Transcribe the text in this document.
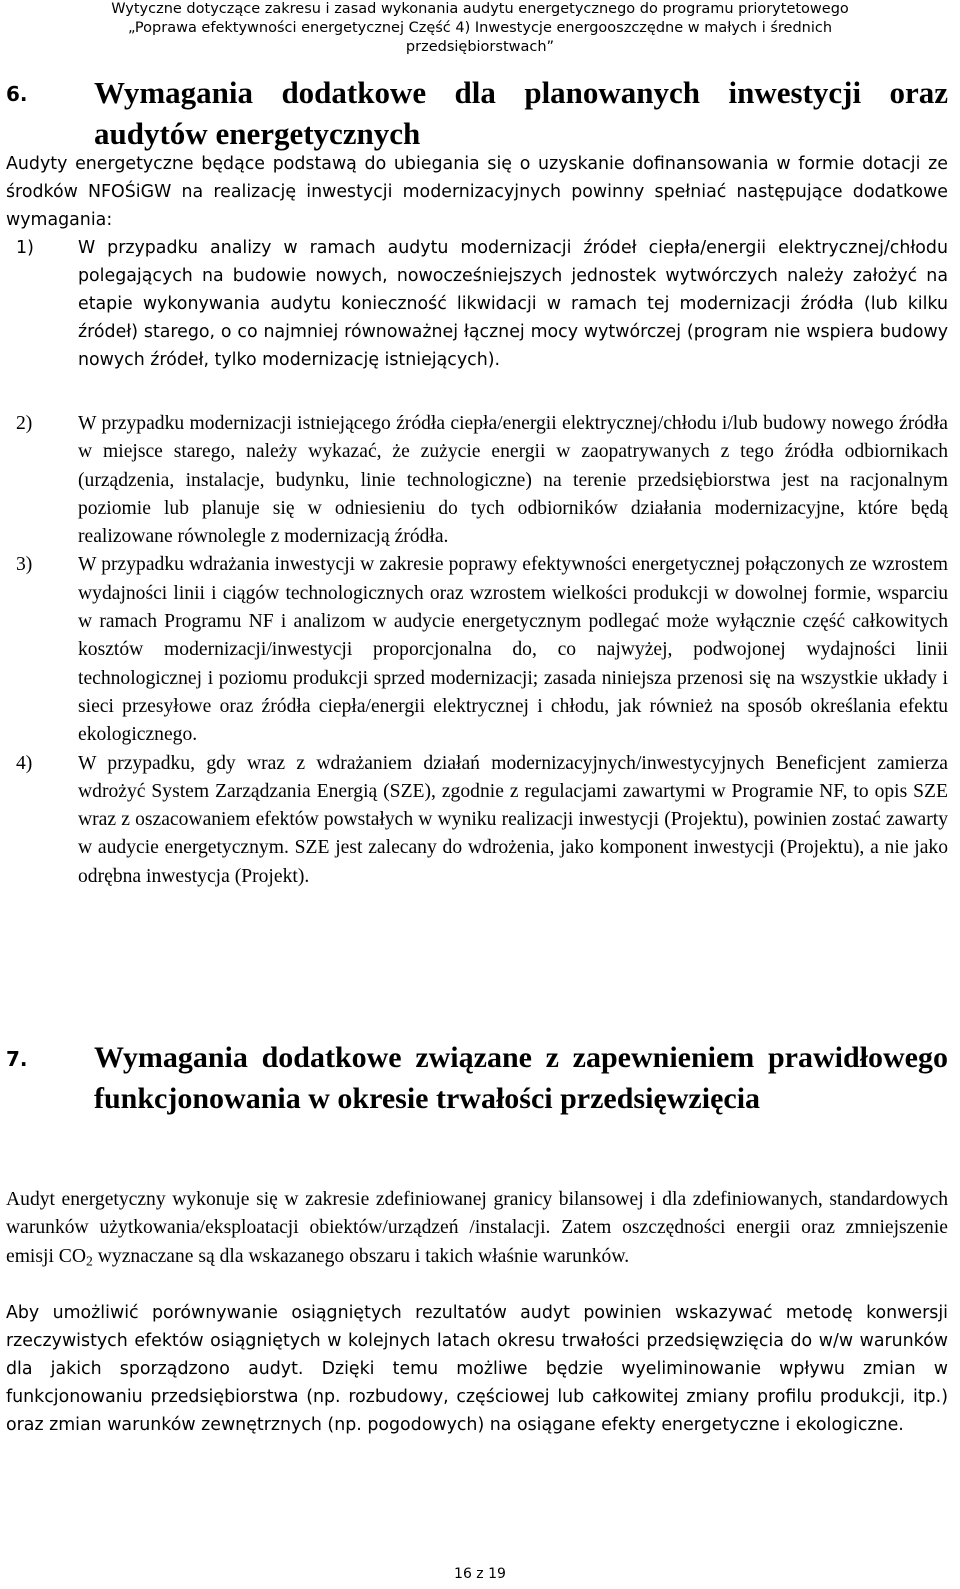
Wytyczne dotyczące zakresu i zasad wykonania audytu energetycznego do programu priorytetowego
„Poprawa efektywności energetycznej Część 4) Inwestycje energooszczędne w małych i średnich
przedsiębiorstwach”
6. Wymagania dodatkowe dla planowanych inwestycji oraz audytów energetycznych
Audyty energetyczne będące podstawą do ubiegania się o uzyskanie dofinansowania w formie dotacji ze środków NFOŚiGW na realizację inwestycji modernizacyjnych powinny spełniać następujące dodatkowe wymagania:
1)	W przypadku analizy w ramach audytu modernizacji źródeł ciepła/energii elektrycznej/chłodu polegających na budowie nowych, nowocześniejszych jednostek wytwórczych należy założyć na etapie wykonywania audytu konieczność likwidacji w ramach tej modernizacji źródła (lub kilku źródeł) starego, o co najmniej równoważnej łącznej mocy wytwórczej (program nie wspiera budowy nowych źródeł, tylko modernizację istniejących).
2) W przypadku modernizacji istniejącego źródła ciepła/energii elektrycznej/chłodu i/lub budowy nowego źródła w miejsce starego, należy wykazać, że zużycie energii w zaopatrywanych z tego źródła odbiornikach (urządzenia, instalacje, budynku, linie technologiczne) na terenie przedsiębiorstwa jest na racjonalnym poziomie lub planuje się w odniesieniu do tych odbiorników działania modernizacyjne, które będą realizowane równolegle z modernizacją źródła.
3) W przypadku wdrażania inwestycji w zakresie poprawy efektywności energetycznej połączonych ze wzrostem wydajności linii i ciągów technologicznych oraz wzrostem wielkości produkcji w dowolnej formie, wsparciu w ramach Programu NF i analizom w audycie energetycznym podlegać może wyłącznie część całkowitych kosztów modernizacji/inwestycji proporcjonalna do, co najwyżej, podwojonej wydajności linii technologicznej i poziomu produkcji sprzed modernizacji; zasada niniejsza przenosi się na wszystkie układy i sieci przesyłowe oraz źródła ciepła/energii elektrycznej i chłodu, jak również na sposób określania efektu ekologicznego.
4) W przypadku, gdy wraz z wdrażaniem działań modernizacyjnych/inwestycyjnych Beneficjent zamierza wdrożyć System Zarządzania Energią (SZE), zgodnie z regulacjami zawartymi w Programie NF, to opis SZE wraz z oszacowaniem efektów powstałych w wyniku realizacji inwestycji (Projektu), powinien zostać zawarty w audycie energetycznym. SZE jest zalecany do wdrożenia, jako komponent inwestycji (Projektu), a nie jako odrębna inwestycja (Projekt).
7. Wymagania dodatkowe związane z zapewnieniem prawidłowego funkcjonowania w okresie trwałości przedsięwzięcia
Audyt energetyczny wykonuje się w zakresie zdefiniowanej granicy bilansowej i dla zdefiniowanych, standardowych warunków użytkowania/eksploatacji obiektów/urządzeń /instalacji. Zatem oszczędności energii oraz zmniejszenie emisji $CO_2$ wyznaczane są dla wskazanego obszaru i takich właśnie warunków.
Aby umożliwić porównywanie osiągniętych rezultatów audyt powinien wskazywać metodę konwersji rzeczywistych efektów osiągniętych w kolejnych latach okresu trwałości przedsięwzięcia do w/w warunków dla jakich sporządzono audyt. Dzięki temu możliwe będzie wyeliminowanie wpływu zmian w funkcjonowaniu przedsiębiorstwa (np. rozbudowy, częściowej lub całkowitej zmiany profilu produkcji, itp.) oraz zmian warunków zewnętrznych (np. pogodowych) na osiągane efekty energetyczne i ekologiczne.
16 z 19
